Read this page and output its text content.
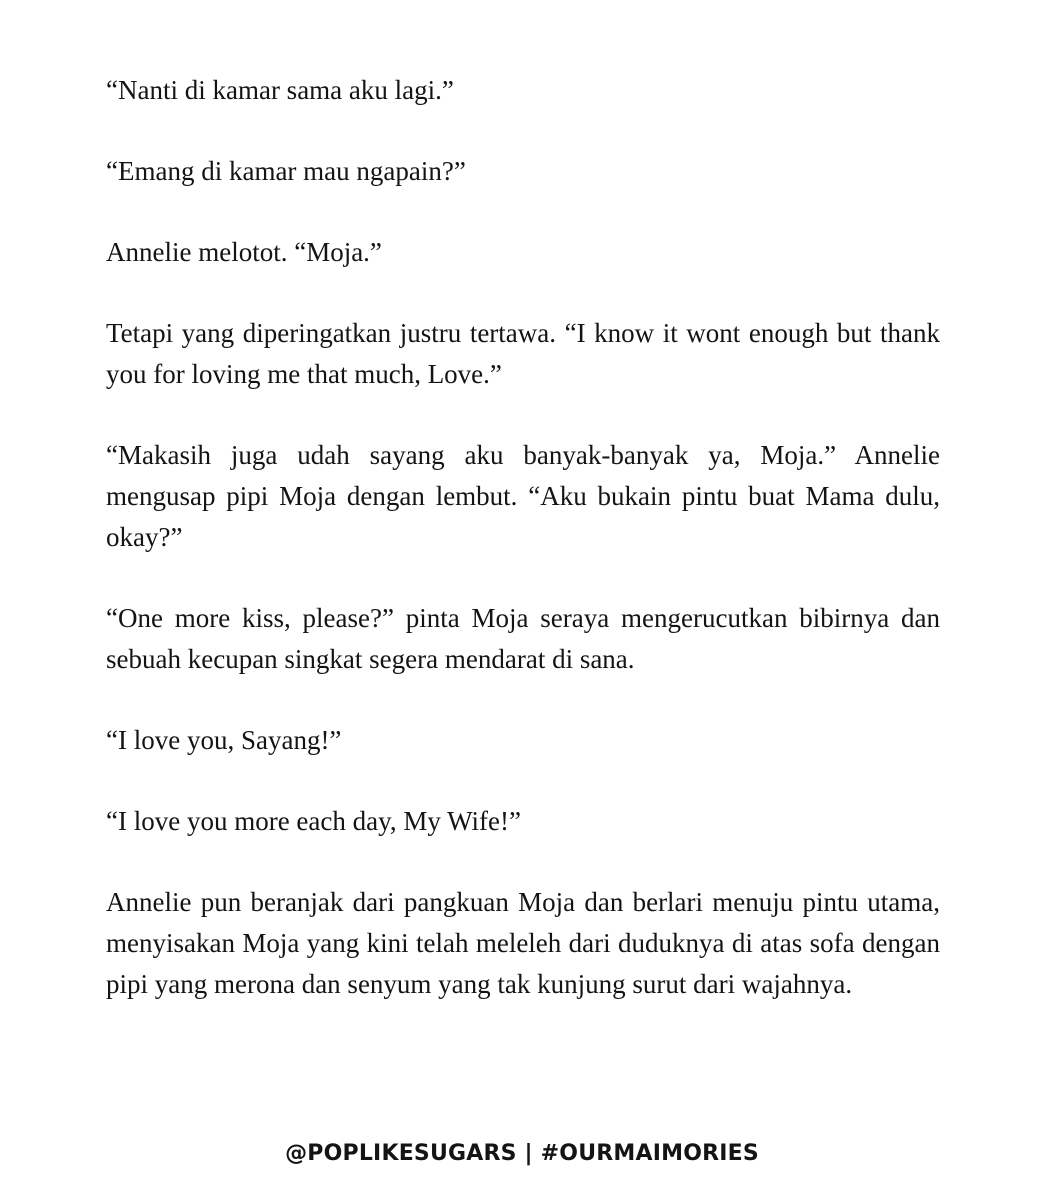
“Nanti di kamar sama aku lagi.”

“Emang di kamar mau ngapain?”

Annelie melotot. “Moja.”

Tetapi yang diperingatkan justru tertawa. “I know it wont enough but thank you for loving me that much, Love.”

“Makasih juga udah sayang aku banyak-banyak ya, Moja.” Annelie mengusap pipi Moja dengan lembut. “Aku bukain pintu buat Mama dulu, okay?”

“One more kiss, please?” pinta Moja seraya mengerucutkan bibirnya dan sebuah kecupan singkat segera mendarat di sana.

“I love you, Sayang!”

“I love you more each day, My Wife!”

Annelie pun beranjak dari pangkuan Moja dan berlari menuju pintu utama, menyisakan Moja yang kini telah meleleh dari duduknya di atas sofa dengan pipi yang merona dan senyum yang tak kunjung surut dari wajahnya.

@POPLIKESUGARS | #OURMAIMORIES
